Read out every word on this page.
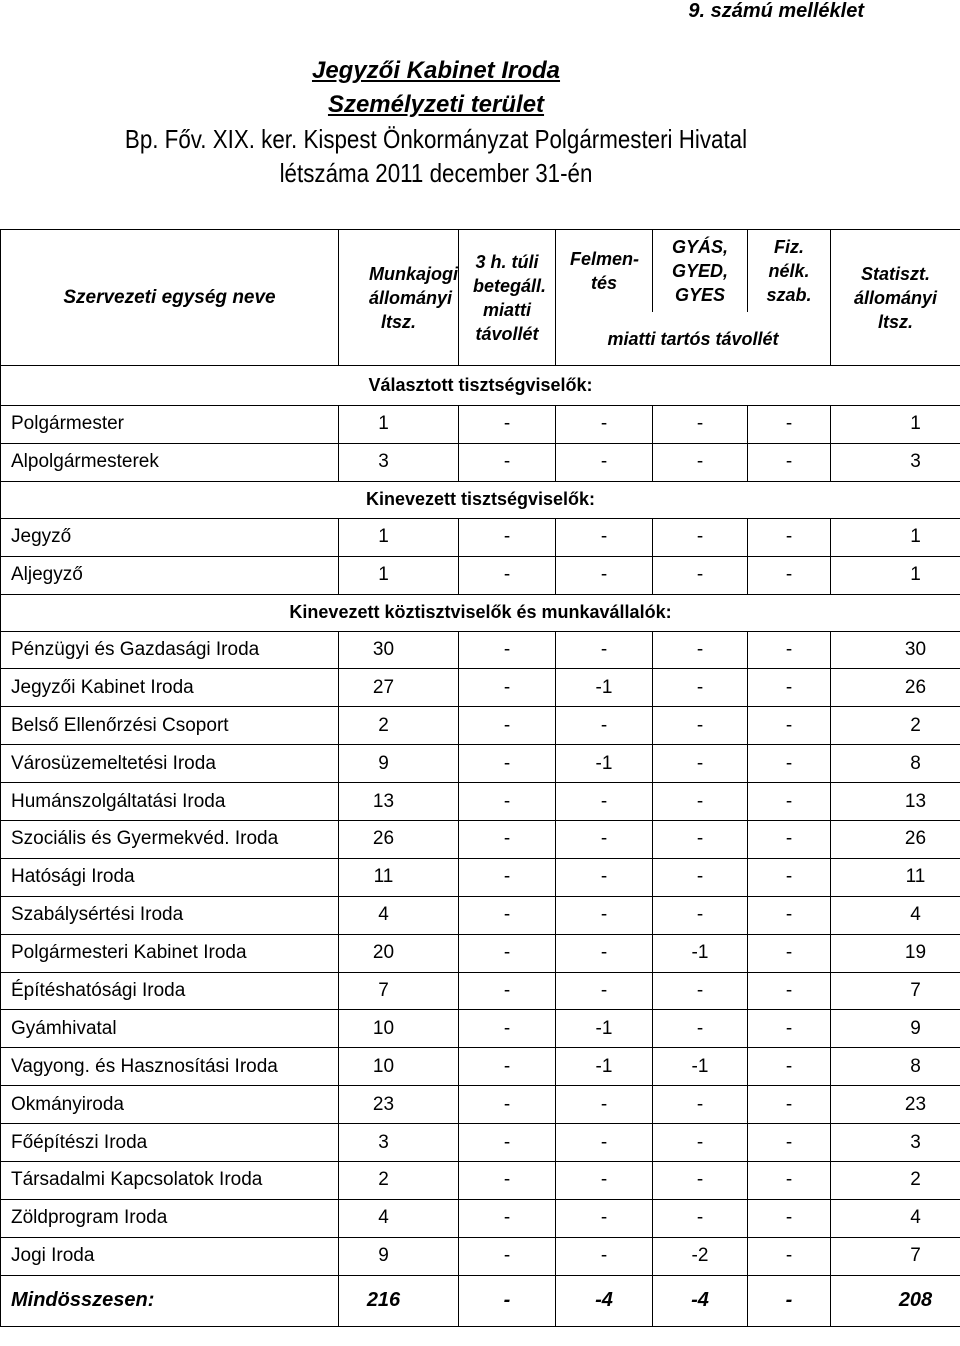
9. számú melléklet
Jegyzői Kabinet Iroda
Személyzeti terület
Bp. Főv. XIX. ker. Kispest Önkormányzat Polgármesteri Hivatal
létszáma 2011 december 31-én
Szervezeti egység neve	Munkajogi állományi ltsz.	3 h. túli betegáll. miatti távollét	Felmen-tés	GYÁS, GYED, GYES	Fiz. nélk. szab.	Statiszt. állományi ltsz.
			miatti tartós távollét			
Választott tisztségviselők:						
Polgármester	1	-	-	-	-	1
Alpolgármesterek	3	-	-	-	-	3
Kinevezett tisztségviselők:						
Jegyző	1	-	-	-	-	1
Aljegyző	1	-	-	-	-	1
Kinevezett köztisztviselők és munkavállalók:						
Pénzügyi és Gazdasági Iroda	30	-	-	-	-	30
Jegyzői Kabinet Iroda	27	-	-1	-	-	26
Belső Ellenőrzési Csoport	2	-	-	-	-	2
Városüzemeltetési Iroda	9	-	-1	-	-	8
Humánszolgáltatási Iroda	13	-	-	-	-	13
Szociális és Gyermekvéd. Iroda	26	-	-	-	-	26
Hatósági Iroda	11	-	-	-	-	11
Szabálysértési Iroda	4	-	-	-	-	4
Polgármesteri Kabinet Iroda	20	-	-	-1	-	19
Építéshatósági Iroda	7	-	-	-	-	7
Gyámhivatal	10	-	-1	-	-	9
Vagyong. és Hasznosítási Iroda	10	-	-1	-1	-	8
Okmányiroda	23	-	-	-	-	23
Főépítészi Iroda	3	-	-	-	-	3
Társadalmi Kapcsolatok Iroda	2	-	-	-	-	2
Zöldprogram Iroda	4	-	-	-	-	4
Jogi Iroda	9	-	-	-2	-	7
Mindösszesen:	216	-	-4	-4	-	208
